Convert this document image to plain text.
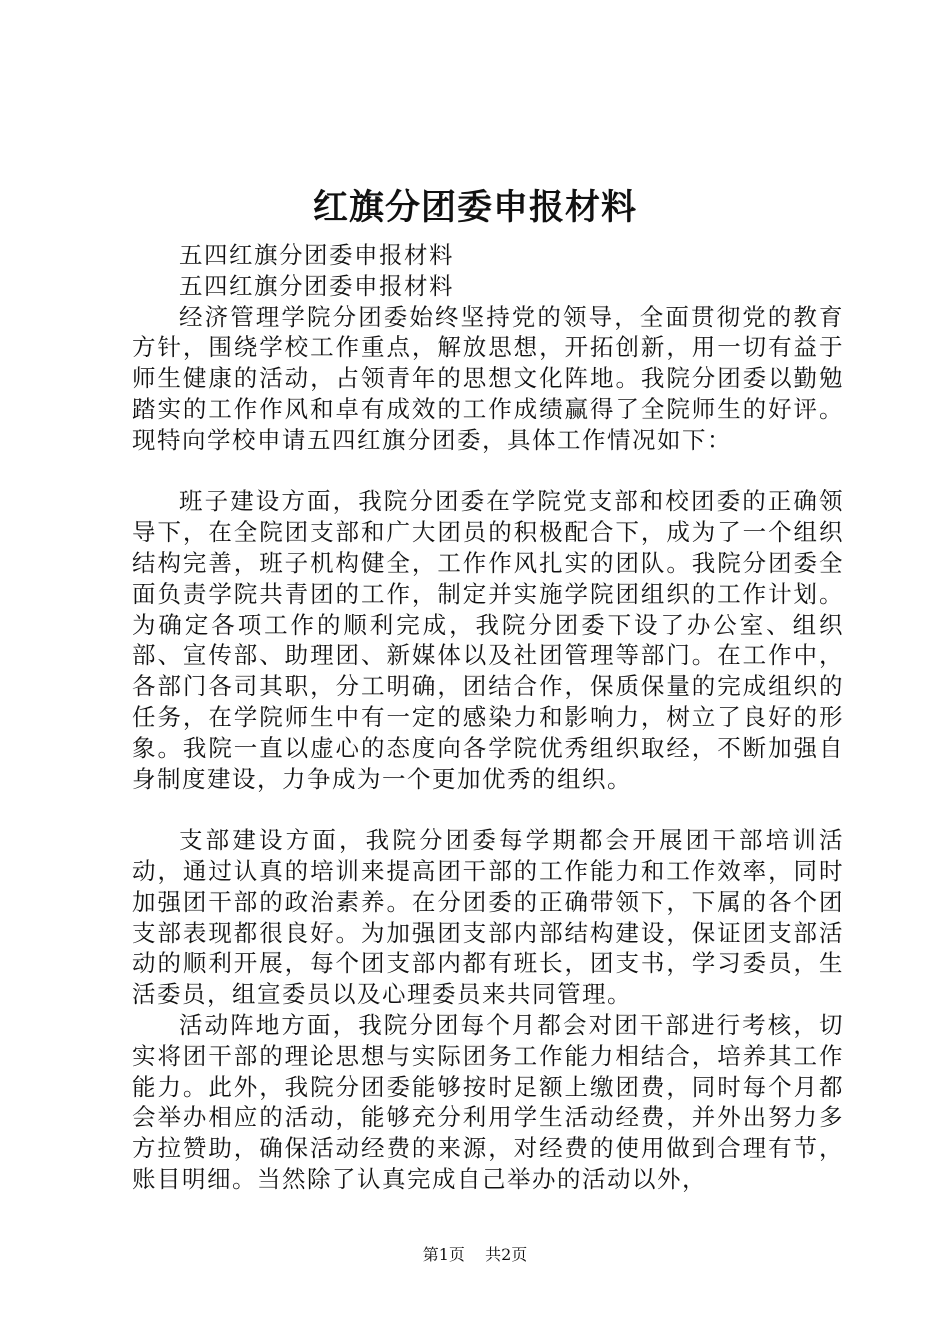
红旗分团委申报材料

五四红旗分团委申报材料

五四红旗分团委申报材料

经济管理学院分团委始终坚持党的领导，全面贯彻党的教育方针，围绕学校工作重点，解放思想，开拓创新，用一切有益于师生健康的活动，占领青年的思想文化阵地。我院分团委以勤勉踏实的工作作风和卓有成效的工作成绩赢得了全院师生的好评。现特向学校申请五四红旗分团委，具体工作情况如下：

班子建设方面，我院分团委在学院党支部和校团委的正确领导下，在全院团支部和广大团员的积极配合下，成为了一个组织结构完善，班子机构健全，工作作风扎实的团队。我院分团委全面负责学院共青团的工作，制定并实施学院团组织的工作计划。为确定各项工作的顺利完成，我院分团委下设了办公室、组织部、宣传部、助理团、新媒体以及社团管理等部门。在工作中，各部门各司其职，分工明确，团结合作，保质保量的完成组织的任务，在学院师生中有一定的感染力和影响力，树立了良好的形象。我院一直以虚心的态度向各学院优秀组织取经，不断加强自身制度建设，力争成为一个更加优秀的组织。

支部建设方面，我院分团委每学期都会开展团干部培训活动，通过认真的培训来提高团干部的工作能力和工作效率，同时加强团干部的政治素养。在分团委的正确带领下，下属的各个团支部表现都很良好。为加强团支部内部结构建设，保证团支部活动的顺利开展，每个团支部内都有班长，团支书，学习委员，生活委员，组宣委员以及心理委员来共同管理。

活动阵地方面，我院分团每个月都会对团干部进行考核，切实将团干部的理论思想与实际团务工作能力相结合，培养其工作能力。此外，我院分团委能够按时足额上缴团费，同时每个月都会举办相应的活动，能够充分利用学生活动经费，并外出努力多方拉赞助，确保活动经费的来源，对经费的使用做到合理有节，账目明细。当然除了认真完成自己举办的活动以外，

第1页 共2页
